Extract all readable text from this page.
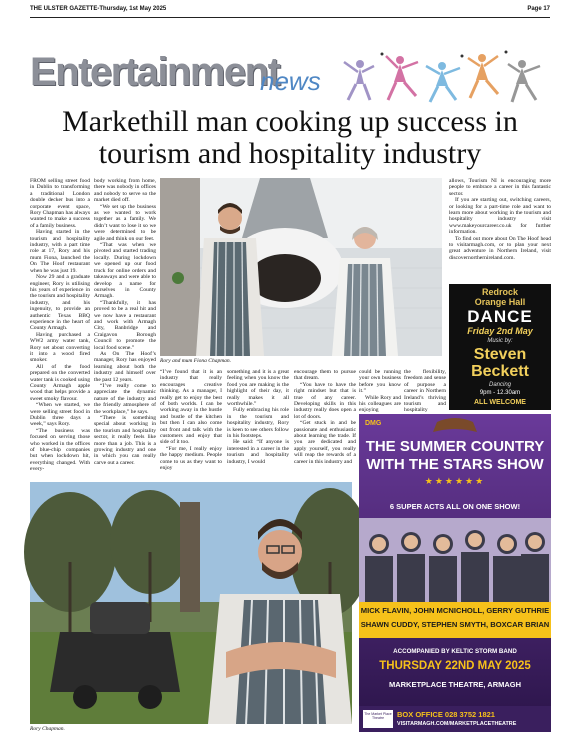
THE ULSTER GAZETTE-Thursday, 1st May 2025	Page 17
Entertainment
news
Markethill man cooking up success in tourism and hospitality industry

FROM selling street food in Dublin to transforming a traditional London double decker bus into a corporate event space, Rory Chapman has always wanted to make a success of a family business.

Having started in the tourism and hospitality industry, with a part time role at 17, Rory and his mum Fiona, launched the On The Hoof restaurant when he was just 19.

Now 29 and a graduate engineer, Rory is utilising his years of experience in the tourism and hospitality industry, and his ingenuity, to provide an authentic Texas BBQ experience in the heart of County Armagh.

Having purchased a WW2 army water tank, Rory set about converting it into a wood fired smoker.

All of the food prepared on the converted water tank is cooked using County Armagh apple wood that helps provide a sweet smoky flavour.

“When we started, we were selling street food in Dublin three days a week,” says Rory.

“The business was focused on serving those who worked in the offices of blue-chip companies but when lockdown hit, everything changed. With every-

body working from home, there was nobody in offices and nobody to serve so the market died off.

“We set up the business as we wanted to work together as a family. We didn’t want to lose it so we were determined to be agile and think on our feet.

“That was when we pivoted and started trading locally. During lockdown we opened up our food truck for online orders and takeaways and were able to develop a name for ourselves in County Armagh.

“Thankfully, it has proved to be a real hit and we now have a restaurant and work with Armagh City, Banbridge and Craigavon Borough Council to promote the local food scene.”

As On The Hoof’s manager, Rory has enjoyed learning about both the industry and himself over the past 12 years.

“I’ve really come to appreciate the dynamic nature of the industry and the friendly atmosphere of the workplace,” he says.

“There is something special about working in the tourism and hospitality sector, it really feels like more than a job. This is a growing industry and one in which you can really carve out a career.

Rory and mum Fiona Chapman.

allows, Tourism NI is encouraging more people to embrace a career in this fantastic sector.

If you are starting out, switching careers, or looking for a part-time role and want to learn more about working in the tourism and hospitality industry visit www.makeyourcareer.co.uk for further information.

To find out more about On The Hoof head to visitarmagh.com, or to plan your next great adventure in Northern Ireland, visit discovernorthernireland.com.

Redrock
Orange Hall
DANCE
Friday 2nd May
Music by:
Steven
Beckett
Dancing
9pm - 12.30am
ALL WELCOME

“I’ve found that it is an industry that really encourages creative thinking. As a manager, I really get to enjoy the best of both worlds. I can be working away in the hustle and bustle of the kitchen but then I can also come out front and talk with the customers and enjoy that side of it too.

“For me, I really enjoy the happy medium. People come to us as they want to enjoy

something and it is a great feeling when you know the food you are making is the highlight of their day, it really makes it all worthwhile.”

Fully embracing his role in the tourism and hospitality industry, Rory is keen to see others follow in his footsteps.

He said: “If anyone is interested in a career in the tourism and hospitality industry, I would

encourage them to pursue that dream.

“You have to have the right mindset but that is true of any career. Developing skills in this industry really does open a lot of doors.

“Get stuck in and be passionate and enthusiastic about learning the trade. If you are dedicated and apply yourself, you really will reap the rewards of a career in this industry and

could be running your own business before you know it.”

While Rory and his colleagues are enjoying

the flexibility, freedom and sense of purpose a career in Northern Ireland’s thriving tourism and hospitality

Rory Chapman.
DMG
THE SUMMER COUNTRY
WITH THE STARS SHOW
★★★★★★
6 SUPER ACTS ALL ON ONE SHOW!
MICK FLAVIN, JOHN MCNICHOLL, GERRY GUTHRIE
SHAWN CUDDY, STEPHEN SMYTH, BOXCAR BRIAN
ACCOMPANIED BY KELTIC STORM BAND
THURSDAY 22ND MAY 2025
MARKETPLACE THEATRE, ARMAGH
The Market Place Theatre	BOX OFFICE 028 3752 1821
VISITARMAGH.COM/MARKETPLACETHEATRE
